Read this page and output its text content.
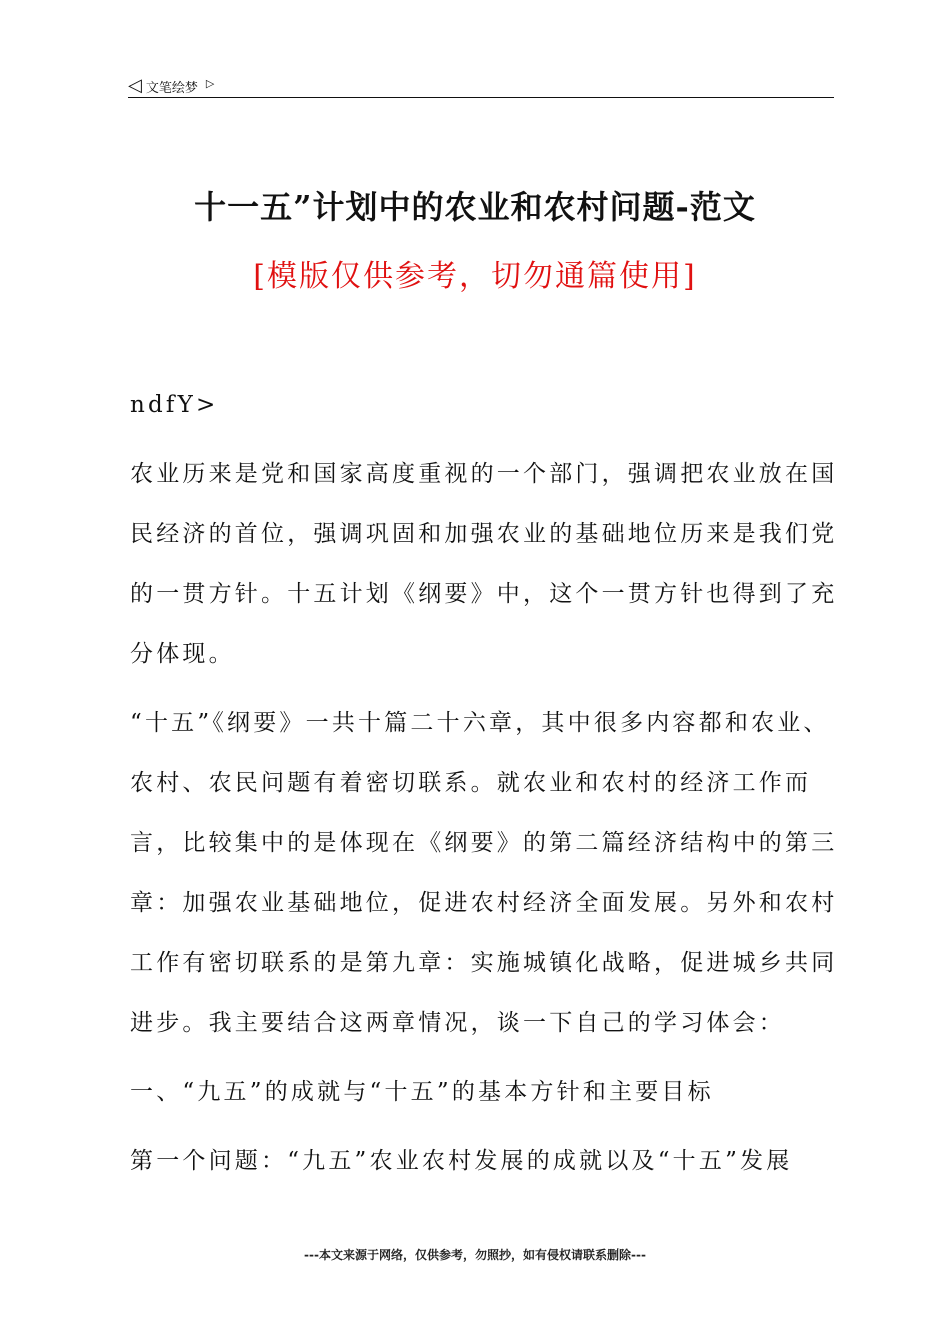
◁ 文笔绘梦 ▷
十一五”计划中的农业和农村问题-范文
[模版仅供参考，切勿通篇使用]

ndfY>

农业历来是党和国家高度重视的一个部门，强调把农业放在国民经济的首位，强调巩固和加强农业的基础地位历来是我们党的一贯方针。十五计划《纲要》中，这个一贯方针也得到了充分体现。

“十五”《纲要》一共十篇二十六章，其中很多内容都和农业、农村、农民问题有着密切联系。就农业和农村的经济工作而言，比较集中的是体现在《纲要》的第二篇经济结构中的第三章：加强农业基础地位，促进农村经济全面发展。另外和农村工作有密切联系的是第九章：实施城镇化战略，促进城乡共同进步。我主要结合这两章情况，谈一下自己的学习体会：

一、“九五”的成就与“十五”的基本方针和主要目标

第一个问题：“九五”农业农村发展的成就以及“十五”发展

---本文来源于网络，仅供参考，勿照抄，如有侵权请联系删除---
